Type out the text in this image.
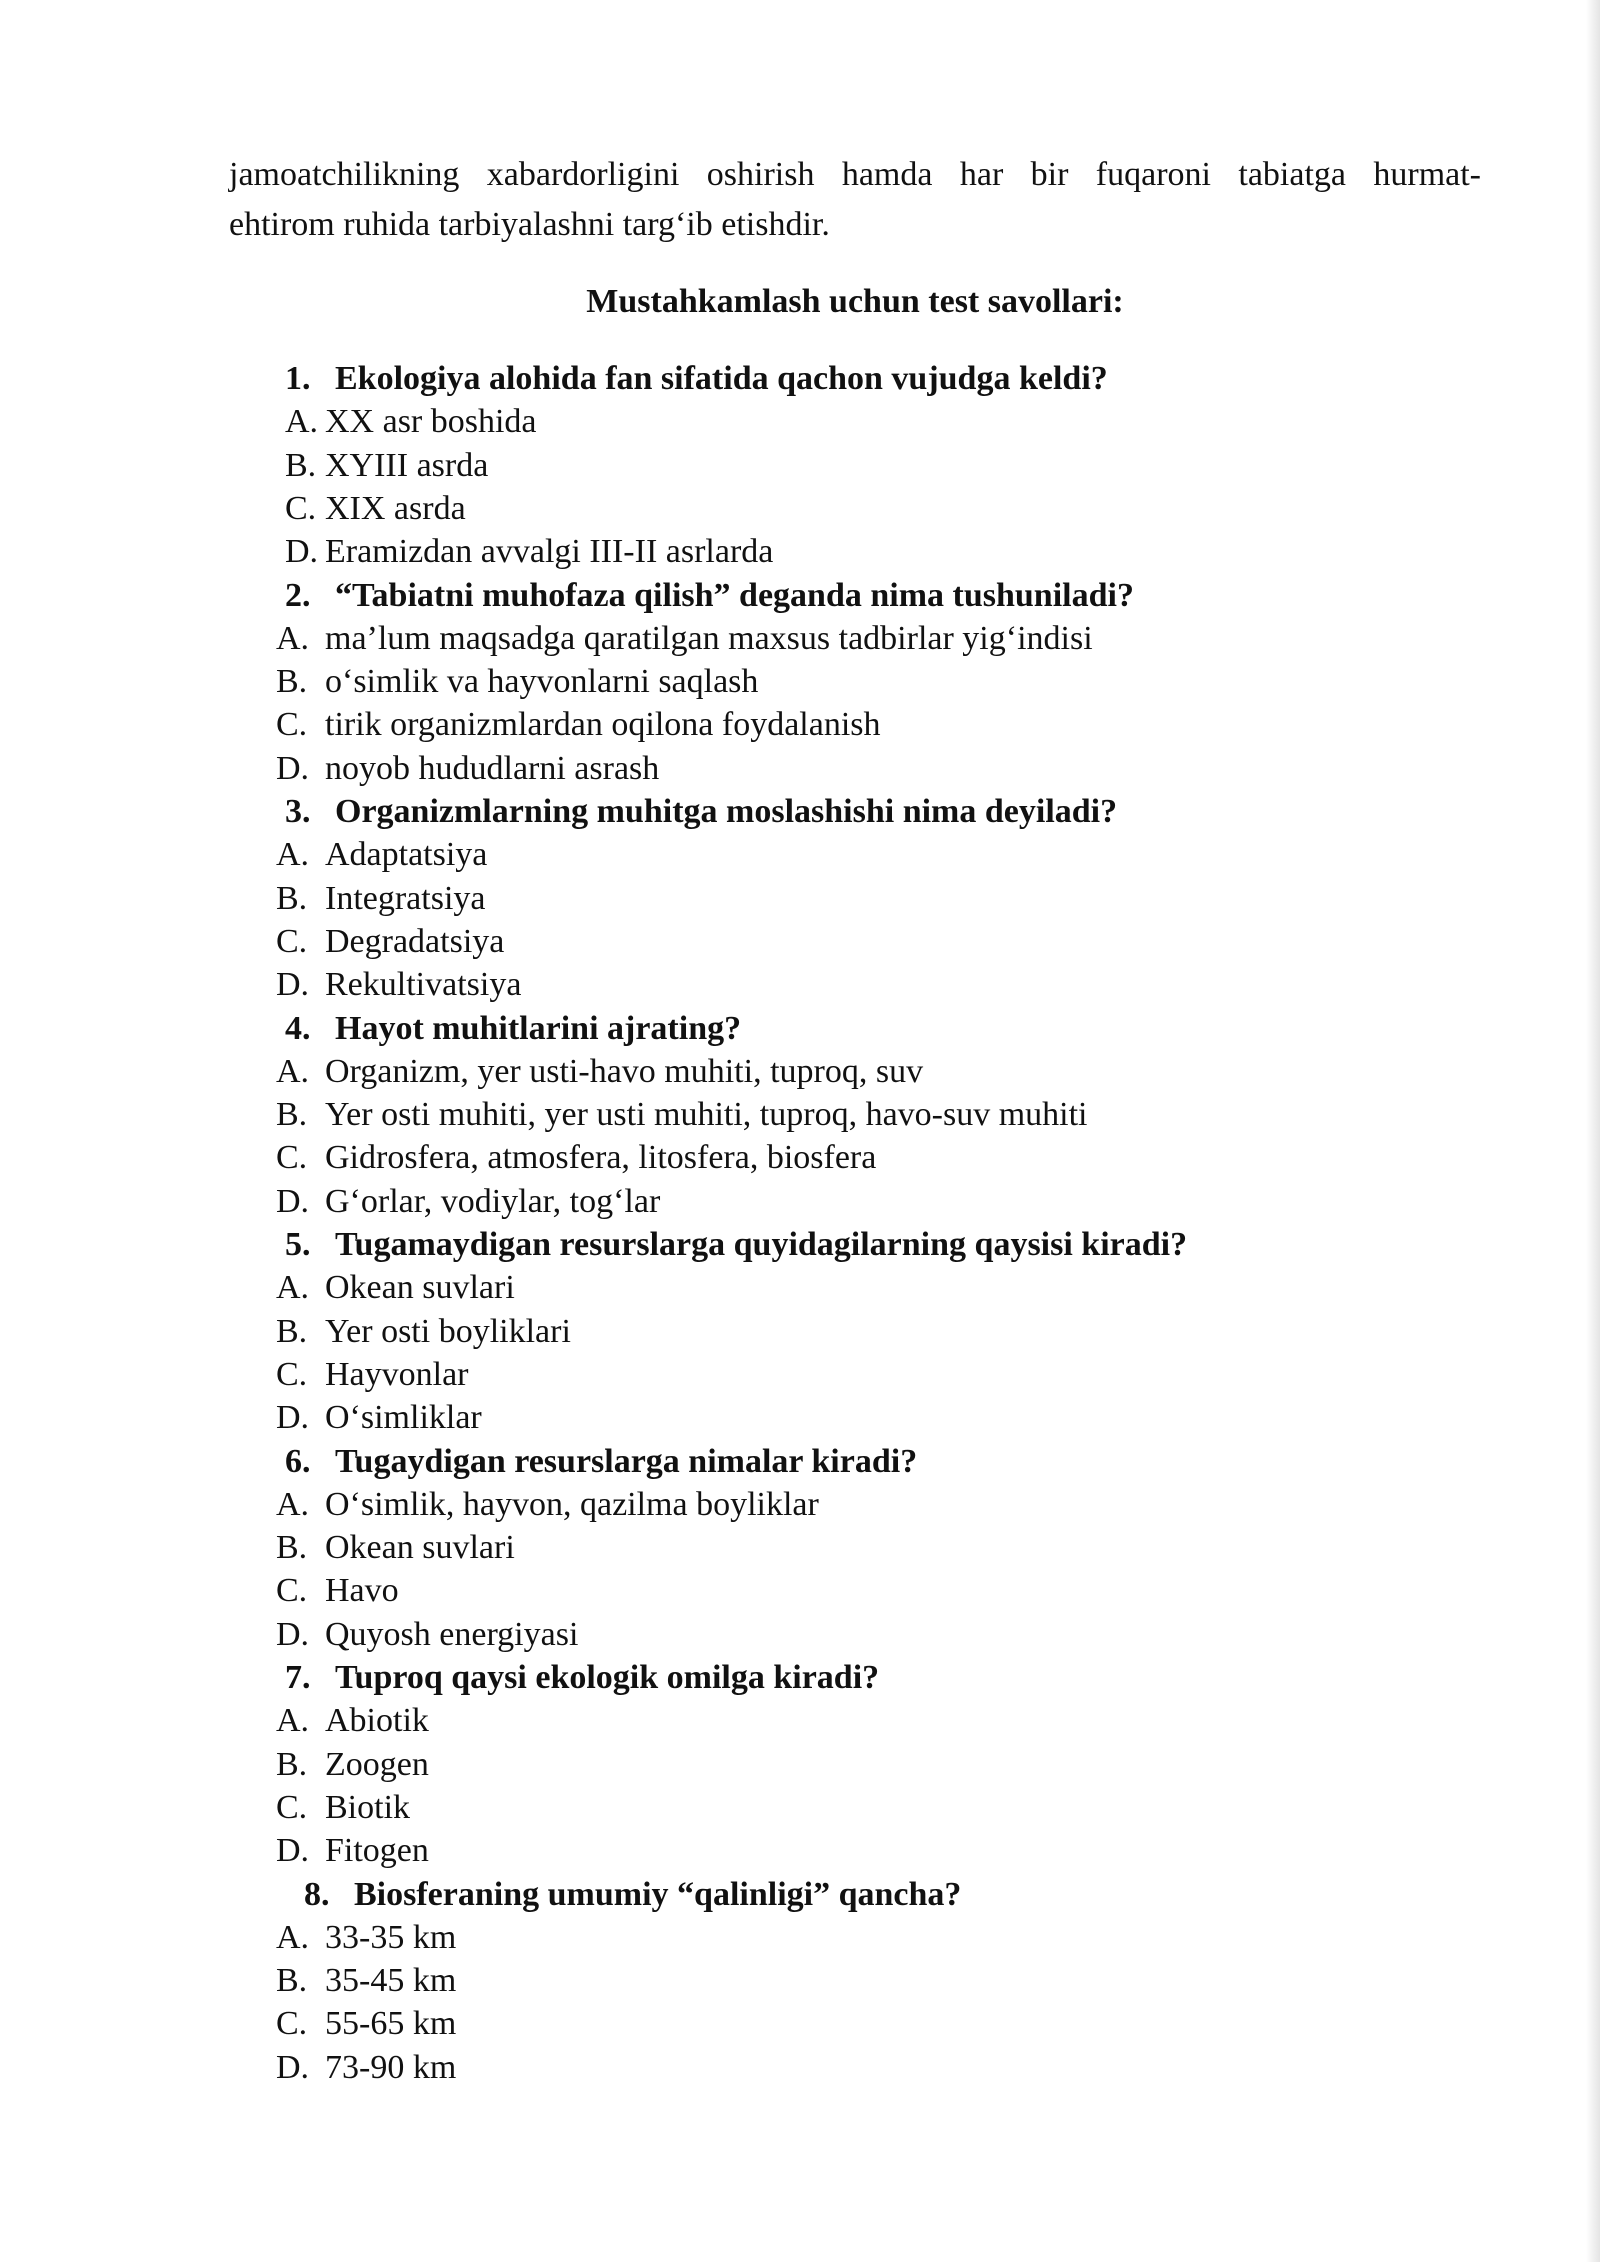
jamoatchilikning xabardorligini oshirish hamda har bir fuqaroni tabiatga hurmat-
ehtirom ruhida tarbiyalashni targ‘ib etishdir.
Mustahkamlash uchun test savollari:
1. Ekologiya alohida fan sifatida qachon vujudga keldi?
A. XX asr boshida
B. XYIII asrda
C. XIX asrda
D. Eramizdan avvalgi III-II asrlarda
2. “Tabiatni muhofaza qilish” deganda nima tushuniladi?
A. ma’lum maqsadga qaratilgan maxsus tadbirlar yig‘indisi
B. o‘simlik va hayvonlarni saqlash
C. tirik organizmlardan oqilona foydalanish
D. noyob hududlarni asrash
3. Organizmlarning muhitga moslashishi nima deyiladi?
A. Adaptatsiya
B. Integratsiya
C. Degradatsiya
D. Rekultivatsiya
4. Hayot muhitlarini ajrating?
A. Organizm, yer usti-havo muhiti, tuproq, suv
B. Yer osti muhiti, yer usti muhiti, tuproq, havo-suv muhiti
C. Gidrosfera, atmosfera, litosfera, biosfera
D. G‘orlar, vodiylar, tog‘lar
5. Tugamaydigan resurslarga quyidagilarning qaysisi kiradi?
A. Okean suvlari
B. Yer osti boyliklari
C. Hayvonlar
D. O‘simliklar
6. Tugaydigan resurslarga nimalar kiradi?
A. O‘simlik, hayvon, qazilma boyliklar
B. Okean suvlari
C. Havo
D. Quyosh energiyasi
7. Tuproq qaysi ekologik omilga kiradi?
A. Abiotik
B. Zoogen
C. Biotik
D. Fitogen
8. Biosferaning umumiy “qalinligi” qancha?
A. 33-35 km
B. 35-45 km
C. 55-65 km
D. 73-90 km
